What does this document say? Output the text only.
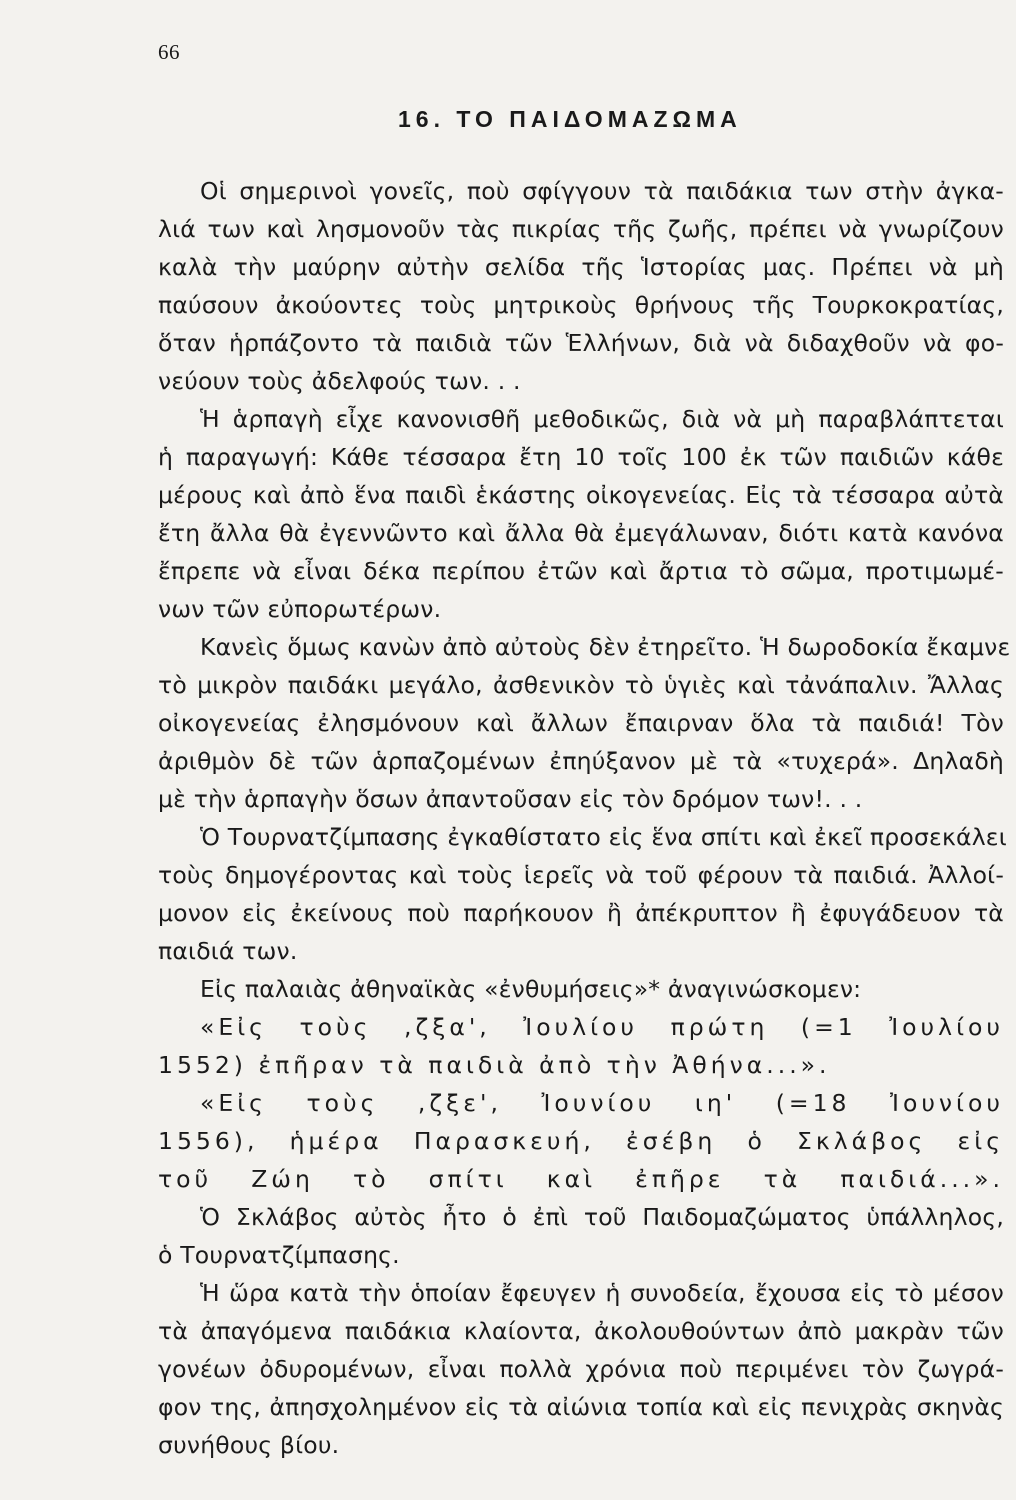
66
16. ΤΟ ΠΑΙΔΟΜΑΖΩΜΑ
Οἱ σημερινοὶ γονεῖς, ποὺ σφίγγουν τὰ παιδάκια των στὴν ἀγκα-
λιά των καὶ λησμονοῦν τὰς πικρίας τῆς ζωῆς, πρέπει νὰ γνωρίζουν
καλὰ τὴν μαύρην αὐτὴν σελίδα τῆς Ἱστορίας μας. Πρέπει νὰ μὴ
παύσουν ἀκούοντες τοὺς μητρικοὺς θρήνους τῆς Τουρκοκρατίας,
ὅταν ἡρπάζοντο τὰ παιδιὰ τῶν Ἑλλήνων, διὰ νὰ διδαχθοῦν νὰ φο-
νεύουν τοὺς ἀδελφούς των. . .
Ἡ ἁρπαγὴ εἶχε κανονισθῆ μεθοδικῶς, διὰ νὰ μὴ παραβλάπτεται
ἡ παραγωγή: Κάθε τέσσαρα ἔτη 10 τοῖς 100 ἐκ τῶν παιδιῶν κάθε
μέρους καὶ ἀπὸ ἕνα παιδὶ ἑκάστης οἰκογενείας. Εἰς τὰ τέσσαρα αὐτὰ
ἔτη ἄλλα θὰ ἐγεννῶντο καὶ ἄλλα θὰ ἐμεγάλωναν, διότι κατὰ κανόνα
ἔπρεπε νὰ εἶναι δέκα περίπου ἐτῶν καὶ ἄρτια τὸ σῶμα, προτιμωμέ-
νων τῶν εὐπορωτέρων.
Κανεὶς ὅμως κανὼν ἀπὸ αὐτοὺς δὲν ἐτηρεῖτο. Ἡ δωροδοκία ἔκαμνε
τὸ μικρὸν παιδάκι μεγάλο, ἀσθενικὸν τὸ ὑγιὲς καὶ τἀνάπαλιν. Ἄλλας
οἰκογενείας ἐλησμόνουν καὶ ἄλλων ἔπαιρναν ὅλα τὰ παιδιά! Τὸν
ἀριθμὸν δὲ τῶν ἁρπαζομένων ἐπηύξανον μὲ τὰ «τυχερά». Δηλαδὴ
μὲ τὴν ἁρπαγὴν ὅσων ἀπαντοῦσαν εἰς τὸν δρόμον των!. . .
Ὁ Τουρνατζίμπασης ἐγκαθίστατο εἰς ἕνα σπίτι καὶ ἐκεῖ προσεκάλει
τοὺς δημογέροντας καὶ τοὺς ἱερεῖς νὰ τοῦ φέρουν τὰ παιδιά. Ἀλλοί-
μονον εἰς ἐκείνους ποὺ παρήκουον ἢ ἀπέκρυπτον ἢ ἐφυγάδευον τὰ
παιδιά των.
Εἰς παλαιὰς ἀθηναϊκὰς «ἐνθυμήσεις»* ἀναγινώσκομεν:
«Εἰς τοὺς ,ζξα', Ἰουλίου πρώτη (=1 Ἰουλίου
1552) ἐπῆραν τὰ παιδιὰ ἀπὸ τὴν Ἀθήνα...».
«Εἰς τοὺς ,ζξε', Ἰουνίου ιη' (=18 Ἰουνίου
1556), ἡμέρα Παρασκευή, ἐσέβη ὁ Σκλάβος εἰς
τοῦ Ζώη τὸ σπίτι καὶ ἐπῆρε τὰ παιδιά...».
Ὁ Σκλάβος αὐτὸς ἦτο ὁ ἐπὶ τοῦ Παιδομαζώματος ὑπάλληλος,
ὁ Τουρνατζίμπασης.
Ἡ ὥρα κατὰ τὴν ὁποίαν ἔφευγεν ἡ συνοδεία, ἔχουσα εἰς τὸ μέσον
τὰ ἀπαγόμενα παιδάκια κλαίοντα, ἀκολουθούντων ἀπὸ μακρὰν τῶν
γονέων ὀδυρομένων, εἶναι πολλὰ χρόνια ποὺ περιμένει τὸν ζωγρά-
φον της, ἀπησχολημένον εἰς τὰ αἰώνια τοπία καὶ εἰς πενιχρὰς σκηνὰς
συνήθους βίου.
